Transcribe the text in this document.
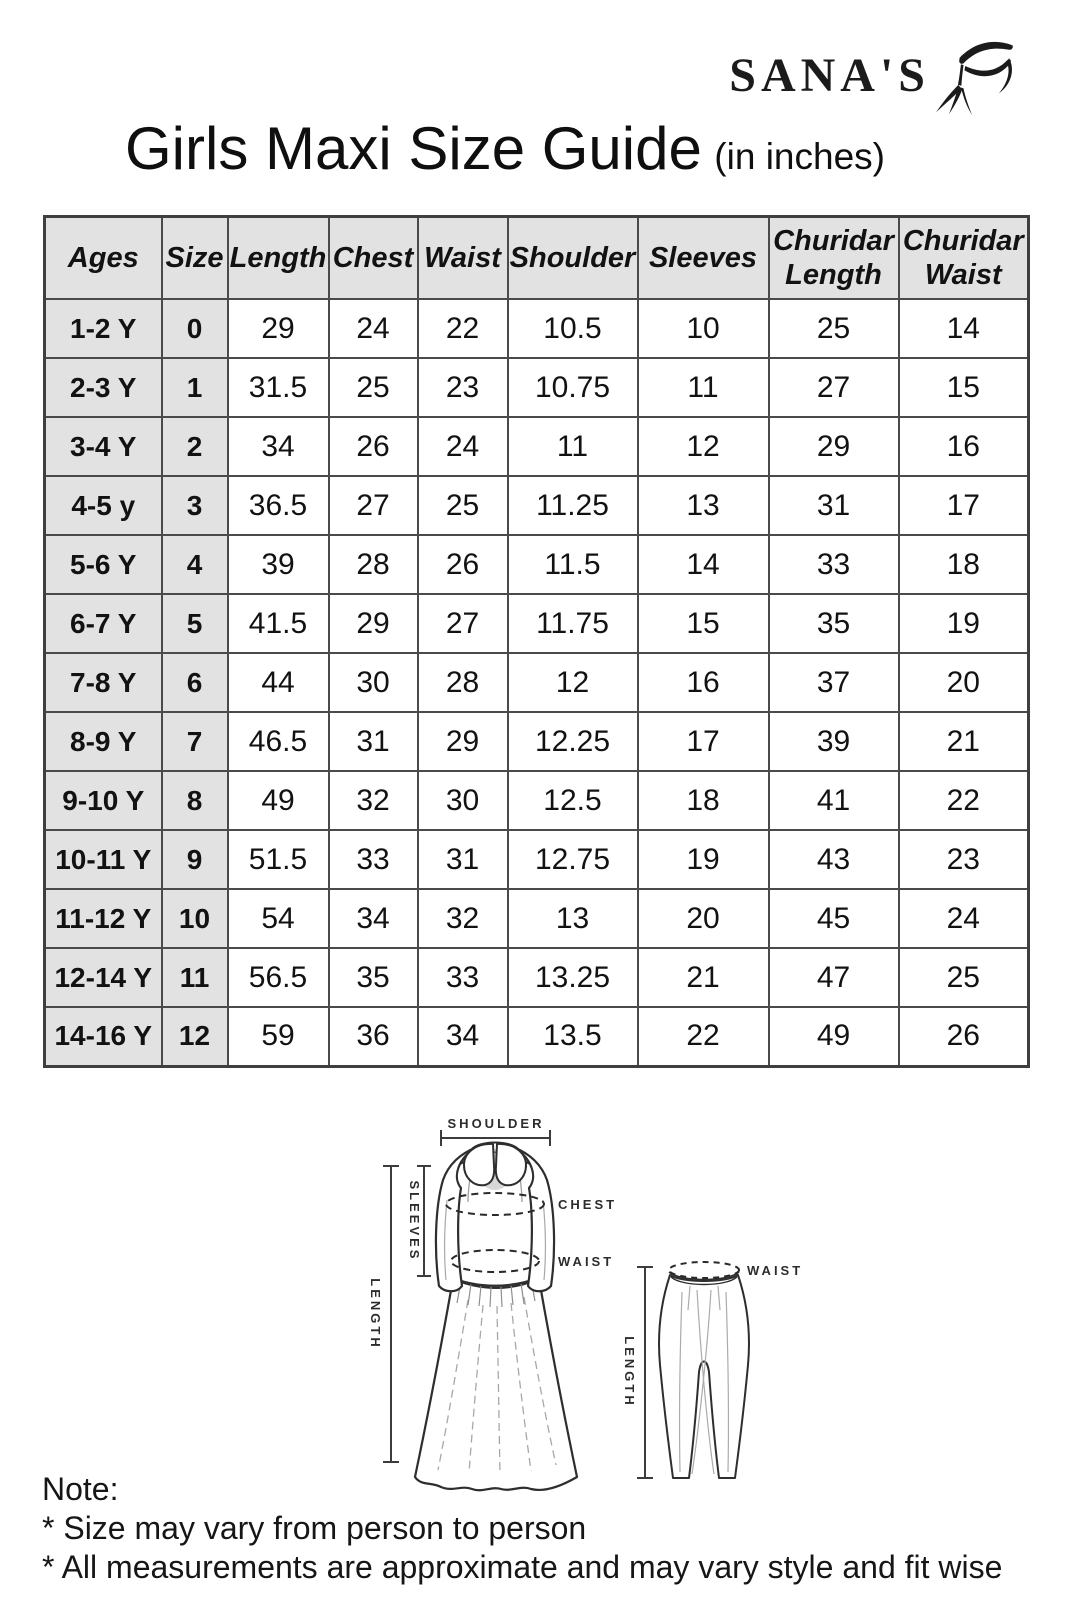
SANA'S
Girls Maxi Size Guide (in inches)
Ages	Size	Length	Chest	Waist	Shoulder	Sleeves	Churidar Length	Churidar Waist
1-2 Y	0	29	24	22	10.5	10	25	14
2-3 Y	1	31.5	25	23	10.75	11	27	15
3-4 Y	2	34	26	24	11	12	29	16
4-5 y	3	36.5	27	25	11.25	13	31	17
5-6 Y	4	39	28	26	11.5	14	33	18
6-7 Y	5	41.5	29	27	11.75	15	35	19
7-8 Y	6	44	30	28	12	16	37	20
8-9 Y	7	46.5	31	29	12.25	17	39	21
9-10 Y	8	49	32	30	12.5	18	41	22
10-11 Y	9	51.5	33	31	12.75	19	43	23
11-12 Y	10	54	34	32	13	20	45	24
12-14 Y	11	56.5	35	33	13.25	21	47	25
14-16 Y	12	59	36	34	13.5	22	49	26
SHOULDER
SLEEVES
LENGTH
CHEST
WAIST
LENGTH
WAIST
Note:
* Size may vary from person to person
* All measurements are approximate and may vary style and fit wise
